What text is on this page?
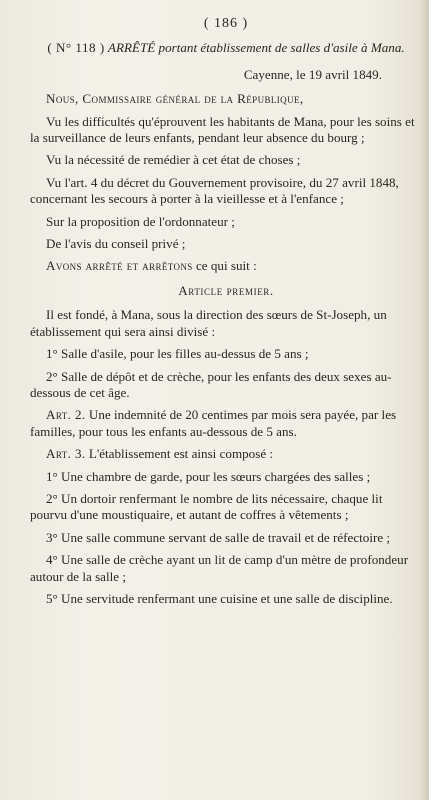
( 186 )
( N° 118 ) ARRÊTÉ portant établissement de salles d'asile à Mana.
Cayenne, le 19 avril 1849.

Nous, Commissaire général de la République,

Vu les difficultés qu'éprouvent les habitants de Mana, pour les soins et la surveillance de leurs enfants, pendant leur absence du bourg ;

Vu la nécessité de remédier à cet état de choses ;

Vu l'art. 4 du décret du Gouvernement provisoire, du 27 avril 1848, concernant les secours à porter à la vieillesse et à l'enfance ;

Sur la proposition de l'ordonnateur ;

De l'avis du conseil privé ;

Avons arrêté et arrêtons ce qui suit :

Article premier.

Il est fondé, à Mana, sous la direction des sœurs de St-Joseph, un établissement qui sera ainsi divisé :

1° Salle d'asile, pour les filles au-dessus de 5 ans ;

2° Salle de dépôt et de crèche, pour les enfants des deux sexes au-dessous de cet âge.

Art. 2. Une indemnité de 20 centimes par mois sera payée, par les familles, pour tous les enfants au-dessous de 5 ans.

Art. 3. L'établissement est ainsi composé :

1° Une chambre de garde, pour les sœurs chargées des salles ;

2° Un dortoir renfermant le nombre de lits nécessaire, chaque lit pourvu d'une moustiquaire, et autant de coffres à vêtements ;

3° Une salle commune servant de salle de travail et de réfectoire ;

4° Une salle de crèche ayant un lit de camp d'un mètre de profondeur autour de la salle ;

5° Une servitude renfermant une cuisine et une salle de discipline.
